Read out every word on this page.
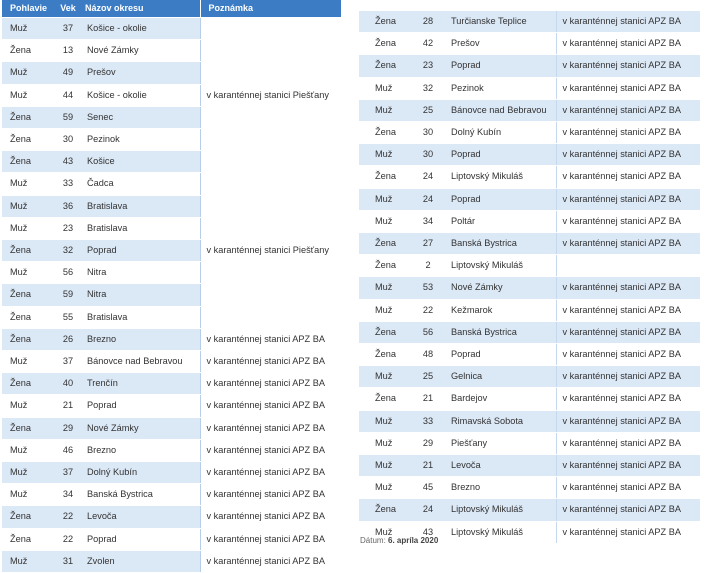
Pohlavie	Vek	Názov okresu	Poznámka
Muž	37	Košice - okolie	
Žena	13	Nové Zámky	
Muž	49	Prešov	
Muž	44	Košice - okolie	v karanténnej stanici Piešťany
Žena	59	Senec	
Žena	30	Pezinok	
Žena	43	Košice	
Muž	33	Čadca	
Muž	36	Bratislava	
Muž	23	Bratislava	
Žena	32	Poprad	v karanténnej stanici Piešťany
Muž	56	Nitra	
Žena	59	Nitra	
Žena	55	Bratislava	
Žena	26	Brezno	v karanténnej stanici APZ BA
Muž	37	Bánovce nad Bebravou	v karanténnej stanici APZ BA
Žena	40	Trenčín	v karanténnej stanici APZ BA
Muž	21	Poprad	v karanténnej stanici APZ BA
Žena	29	Nové Zámky	v karanténnej stanici APZ BA
Muž	46	Brezno	v karanténnej stanici APZ BA
Muž	37	Dolný Kubín	v karanténnej stanici APZ BA
Muž	34	Banská Bystrica	v karanténnej stanici APZ BA
Žena	22	Levoča	v karanténnej stanici APZ BA
Žena	22	Poprad	v karanténnej stanici APZ BA
Muž	31	Zvolen	v karanténnej stanici APZ BA
Žena	28	Turčianske Teplice	v karanténnej stanici APZ BA
Žena	42	Prešov	v karanténnej stanici APZ BA
Žena	23	Poprad	v karanténnej stanici APZ BA
Muž	32	Pezinok	v karanténnej stanici APZ BA
Muž	25	Bánovce nad Bebravou	v karanténnej stanici APZ BA
Žena	30	Dolný Kubín	v karanténnej stanici APZ BA
Muž	30	Poprad	v karanténnej stanici APZ BA
Žena	24	Liptovský Mikuláš	v karanténnej stanici APZ BA
Muž	24	Poprad	v karanténnej stanici APZ BA
Muž	34	Poltár	v karanténnej stanici APZ BA
Žena	27	Banská Bystrica	v karanténnej stanici APZ BA
Žena	2	Liptovský Mikuláš	
Muž	53	Nové Zámky	v karanténnej stanici APZ BA
Muž	22	Kežmarok	v karanténnej stanici APZ BA
Žena	56	Banská Bystrica	v karanténnej stanici APZ BA
Žena	48	Poprad	v karanténnej stanici APZ BA
Muž	25	Gelnica	v karanténnej stanici APZ BA
Žena	21	Bardejov	v karanténnej stanici APZ BA
Muž	33	Rimavská Sobota	v karanténnej stanici APZ BA
Muž	29	Piešťany	v karanténnej stanici APZ BA
Muž	21	Levoča	v karanténnej stanici APZ BA
Muž	45	Brezno	v karanténnej stanici APZ BA
Žena	24	Liptovský Mikuláš	v karanténnej stanici APZ BA
Muž	43	Liptovský Mikuláš	v karanténnej stanici APZ BA
Dátum: 6. apríla 2020
